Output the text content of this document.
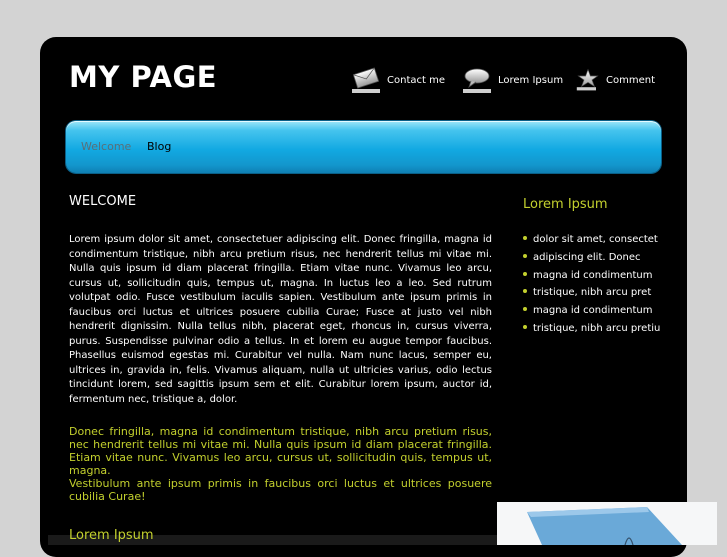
MY PAGE	Contact me	Lorem Ipsum	Comment
Welcome Blog
WELCOME

Lorem ipsum dolor sit amet, consectetuer adipiscing elit. Donec fringilla, magna id condimentum tristique, nibh arcu pretium risus, nec hendrerit tellus mi vitae mi. Nulla quis ipsum id diam placerat fringilla. Etiam vitae nunc. Vivamus leo arcu, cursus ut, sollicitudin quis, tempus ut, magna. In luctus leo a leo. Sed rutrum volutpat odio. Fusce vestibulum iaculis sapien. Vestibulum ante ipsum primis in faucibus orci luctus et ultrices posuere cubilia Curae; Fusce at justo vel nibh hendrerit dignissim. Nulla tellus nibh, placerat eget, rhoncus in, cursus viverra, purus. Suspendisse pulvinar odio a tellus. In et lorem eu augue tempor faucibus. Phasellus euismod egestas mi. Curabitur vel nulla. Nam nunc lacus, semper eu, ultrices in, gravida in, felis. Vivamus aliquam, nulla ut ultricies varius, odio lectus tincidunt lorem, sed sagittis ipsum sem et elit. Curabitur lorem ipsum, auctor id, fermentum nec, tristique a, dolor.

Donec fringilla, magna id condimentum tristique, nibh arcu pretium risus, nec hendrerit tellus mi vitae mi. Nulla quis ipsum id diam placerat fringilla. Etiam vitae nunc. Vivamus leo arcu, cursus ut, sollicitudin quis, tempus ut, magna.
Vestibulum ante ipsum primis in faucibus orci luctus et ultrices posuere cubilia Curae!
Lorem Ipsum
Lorem Ipsum
dolor sit amet, consectet
adipiscing elit. Donec
magna id condimentum
tristique, nibh arcu pret
magna id condimentum
tristique, nibh arcu pretiu
